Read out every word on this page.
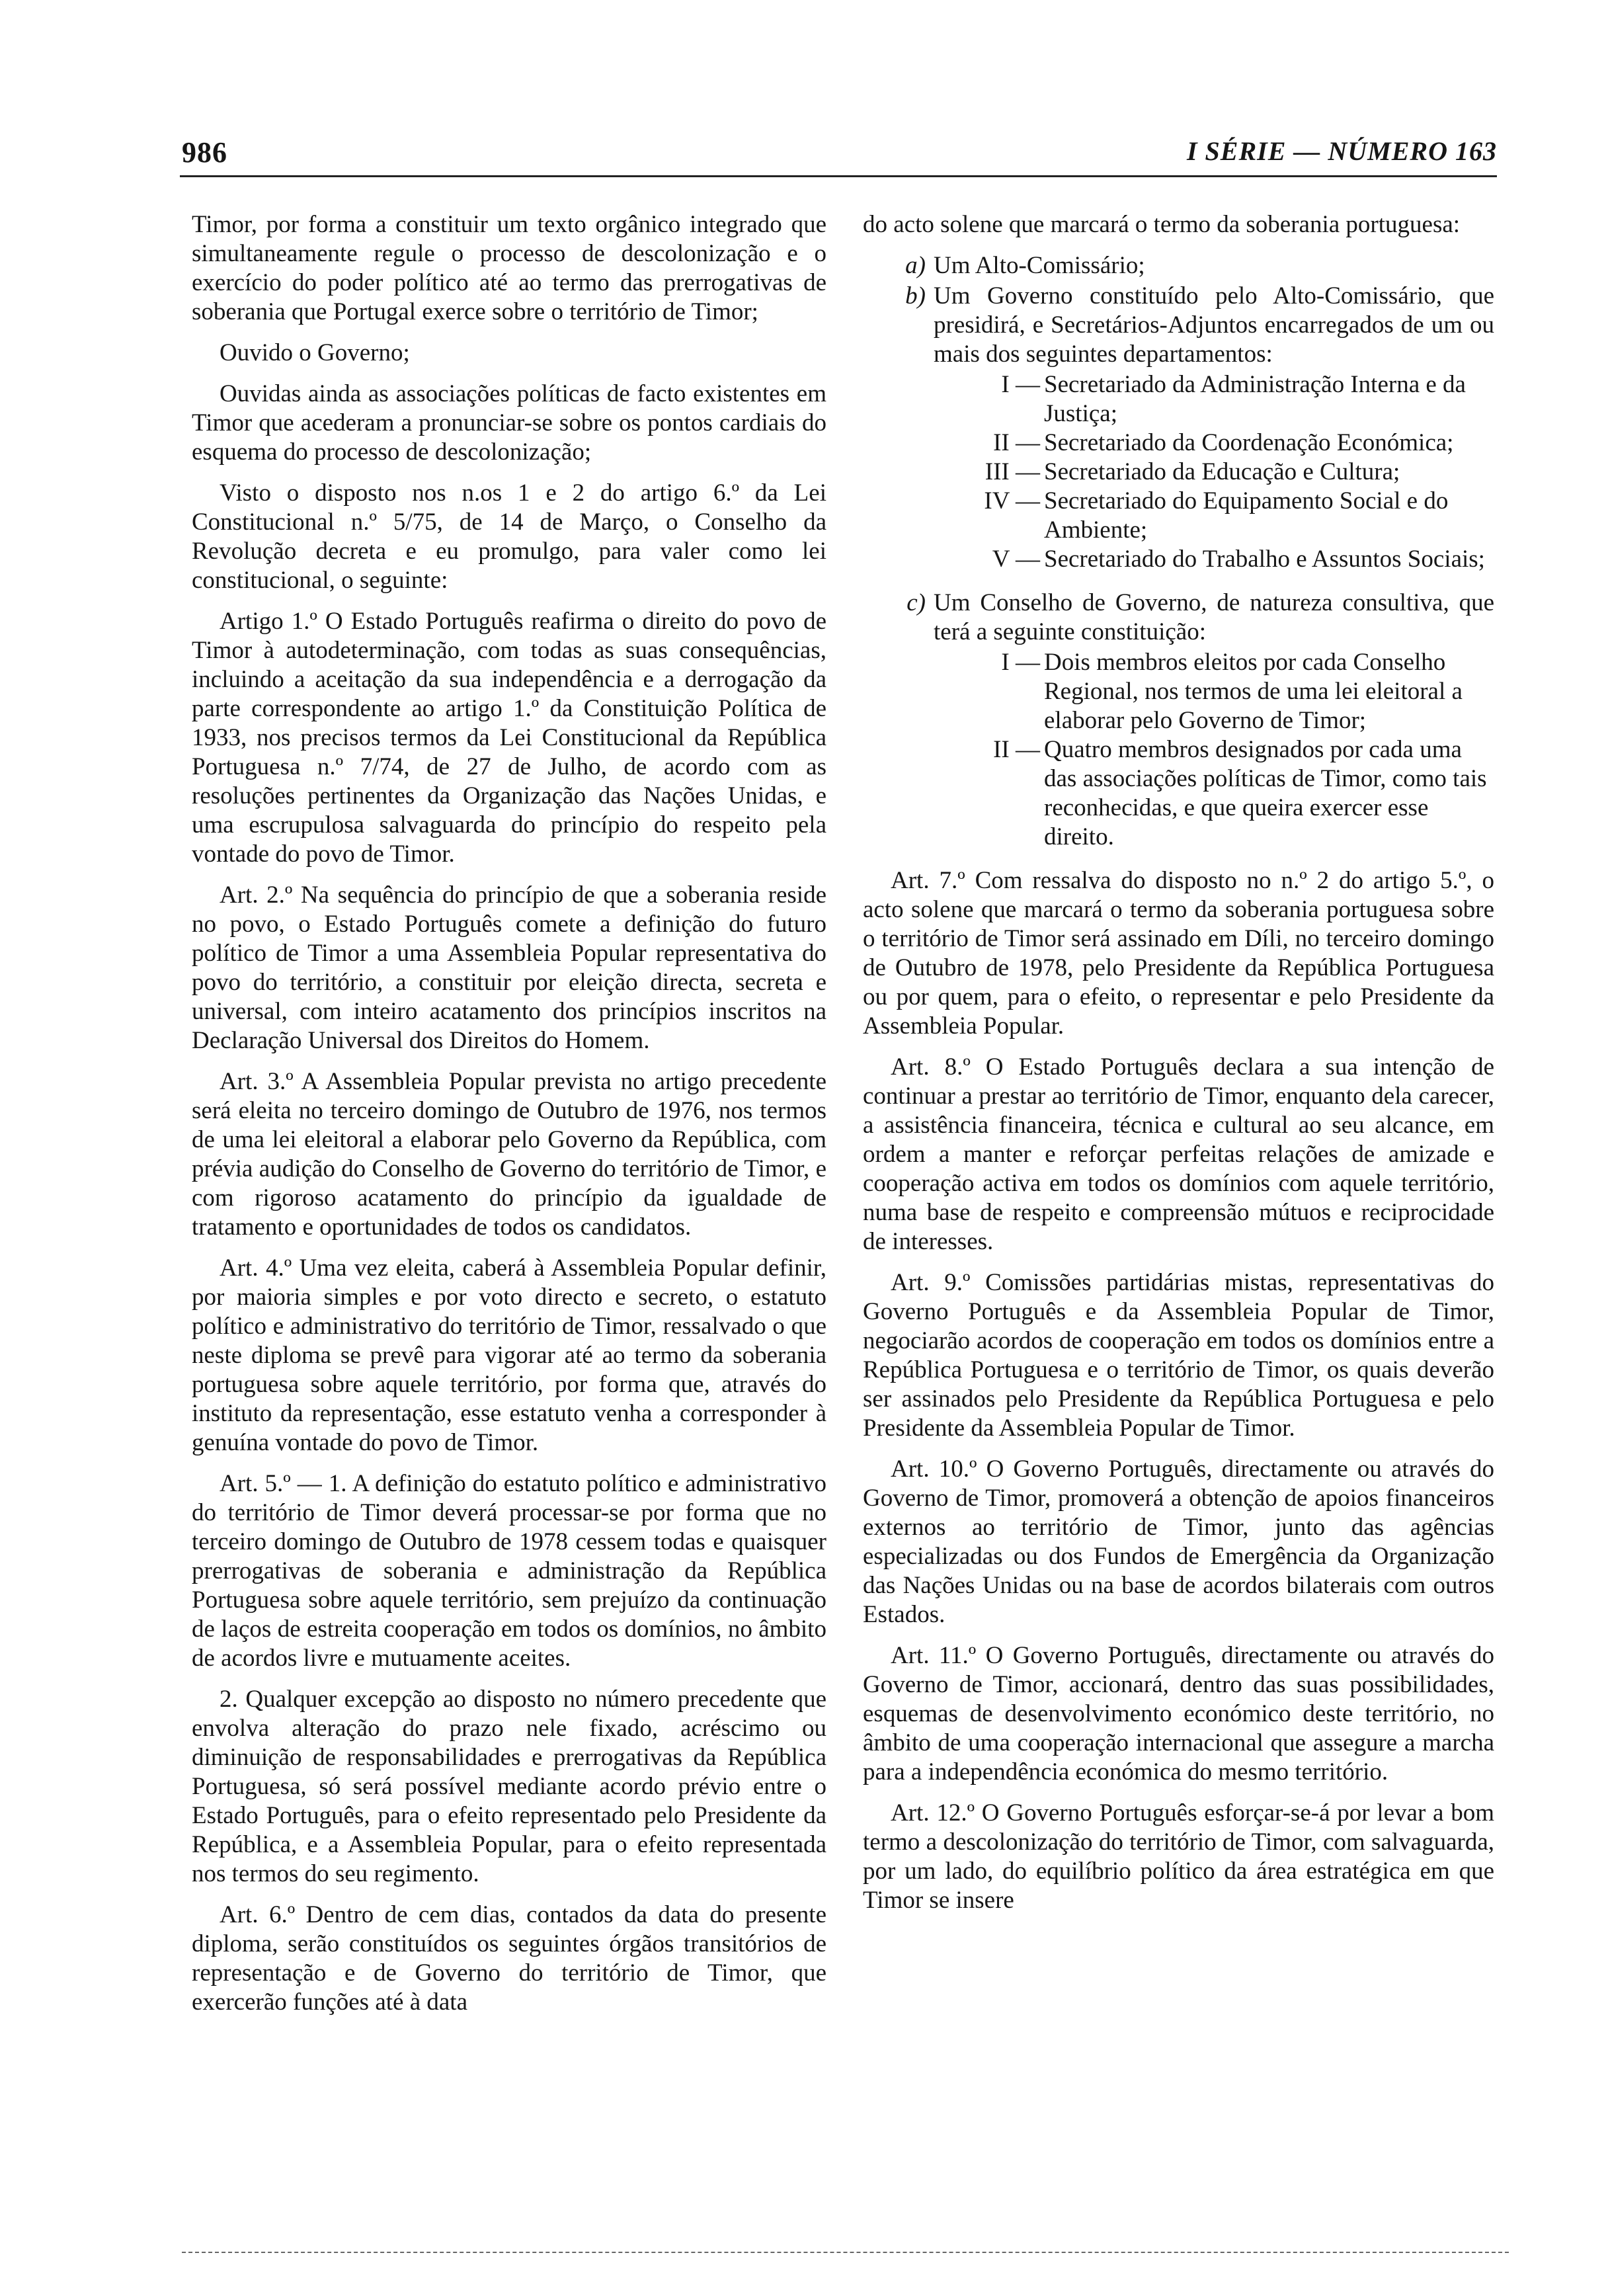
986	I SÉRIE — NÚMERO 163

Timor, por forma a constituir um texto orgânico integrado que simultaneamente regule o processo de descolonização e o exercício do poder político até ao termo das prerrogativas de soberania que Portugal exerce sobre o território de Timor;

Ouvido o Governo;

Ouvidas ainda as associações políticas de facto existentes em Timor que acederam a pronunciar-se sobre os pontos cardiais do esquema do processo de descolonização;

Visto o disposto nos n.os 1 e 2 do artigo 6.º da Lei Constitucional n.º 5/75, de 14 de Março, o Conselho da Revolução decreta e eu promulgo, para valer como lei constitucional, o seguinte:

Artigo 1.º O Estado Português reafirma o direito do povo de Timor à autodeterminação, com todas as suas consequências, incluindo a aceitação da sua independência e a derrogação da parte correspondente ao artigo 1.º da Constituição Política de 1933, nos precisos termos da Lei Constitucional da República Portuguesa n.º 7/74, de 27 de Julho, de acordo com as resoluções pertinentes da Organização das Nações Unidas, e uma escrupulosa salvaguarda do princípio do respeito pela vontade do povo de Timor.

Art. 2.º Na sequência do princípio de que a soberania reside no povo, o Estado Português comete a definição do futuro político de Timor a uma Assembleia Popular representativa do povo do território, a constituir por eleição directa, secreta e universal, com inteiro acatamento dos princípios inscritos na Declaração Universal dos Direitos do Homem.

Art. 3.º A Assembleia Popular prevista no artigo precedente será eleita no terceiro domingo de Outubro de 1976, nos termos de uma lei eleitoral a elaborar pelo Governo da República, com prévia audição do Conselho de Governo do território de Timor, e com rigoroso acatamento do princípio da igualdade de tratamento e oportunidades de todos os candidatos.

Art. 4.º Uma vez eleita, caberá à Assembleia Popular definir, por maioria simples e por voto directo e secreto, o estatuto político e administrativo do território de Timor, ressalvado o que neste diploma se prevê para vigorar até ao termo da soberania portuguesa sobre aquele território, por forma que, através do instituto da representação, esse estatuto venha a corresponder à genuína vontade do povo de Timor.

Art. 5.º — 1. A definição do estatuto político e administrativo do território de Timor deverá processar-se por forma que no terceiro domingo de Outubro de 1978 cessem todas e quaisquer prerrogativas de soberania e administração da República Portuguesa sobre aquele território, sem prejuízo da continuação de laços de estreita cooperação em todos os domínios, no âmbito de acordos livre e mutuamente aceites.

2. Qualquer excepção ao disposto no número precedente que envolva alteração do prazo nele fixado, acréscimo ou diminuição de responsabilidades e prerrogativas da República Portuguesa, só será possível mediante acordo prévio entre o Estado Português, para o efeito representado pelo Presidente da República, e a Assembleia Popular, para o efeito representada nos termos do seu regimento.

Art. 6.º Dentro de cem dias, contados da data do presente diploma, serão constituídos os seguintes órgãos transitórios de representação e de Governo do território de Timor, que exercerão funções até à data

do acto solene que marcará o termo da soberania portuguesa:

a) Um Alto-Comissário;
b) Um Governo constituído pelo Alto-Comissário, que presidirá, e Secretários-Adjuntos encarregados de um ou mais dos seguintes departamentos:
I — Secretariado da Administração Interna e da Justiça;
II — Secretariado da Coordenação Económica;
III — Secretariado da Educação e Cultura;
IV — Secretariado do Equipamento Social e do Ambiente;
V — Secretariado do Trabalho e Assuntos Sociais;
c) Um Conselho de Governo, de natureza consultiva, que terá a seguinte constituição:
I — Dois membros eleitos por cada Conselho Regional, nos termos de uma lei eleitoral a elaborar pelo Governo de Timor;
II — Quatro membros designados por cada uma das associações políticas de Timor, como tais reconhecidas, e que queira exercer esse direito.

Art. 7.º Com ressalva do disposto no n.º 2 do artigo 5.º, o acto solene que marcará o termo da soberania portuguesa sobre o território de Timor será assinado em Díli, no terceiro domingo de Outubro de 1978, pelo Presidente da República Portuguesa ou por quem, para o efeito, o representar e pelo Presidente da Assembleia Popular.

Art. 8.º O Estado Português declara a sua intenção de continuar a prestar ao território de Timor, enquanto dela carecer, a assistência financeira, técnica e cultural ao seu alcance, em ordem a manter e reforçar perfeitas relações de amizade e cooperação activa em todos os domínios com aquele território, numa base de respeito e compreensão mútuos e reciprocidade de interesses.

Art. 9.º Comissões partidárias mistas, representativas do Governo Português e da Assembleia Popular de Timor, negociarão acordos de cooperação em todos os domínios entre a República Portuguesa e o território de Timor, os quais deverão ser assinados pelo Presidente da República Portuguesa e pelo Presidente da Assembleia Popular de Timor.

Art. 10.º O Governo Português, directamente ou através do Governo de Timor, promoverá a obtenção de apoios financeiros externos ao território de Timor, junto das agências especializadas ou dos Fundos de Emergência da Organização das Nações Unidas ou na base de acordos bilaterais com outros Estados.

Art. 11.º O Governo Português, directamente ou através do Governo de Timor, accionará, dentro das suas possibilidades, esquemas de desenvolvimento económico deste território, no âmbito de uma cooperação internacional que assegure a marcha para a independência económica do mesmo território.

Art. 12.º O Governo Português esforçar-se-á por levar a bom termo a descolonização do território de Timor, com salvaguarda, por um lado, do equilíbrio político da área estratégica em que Timor se insere
